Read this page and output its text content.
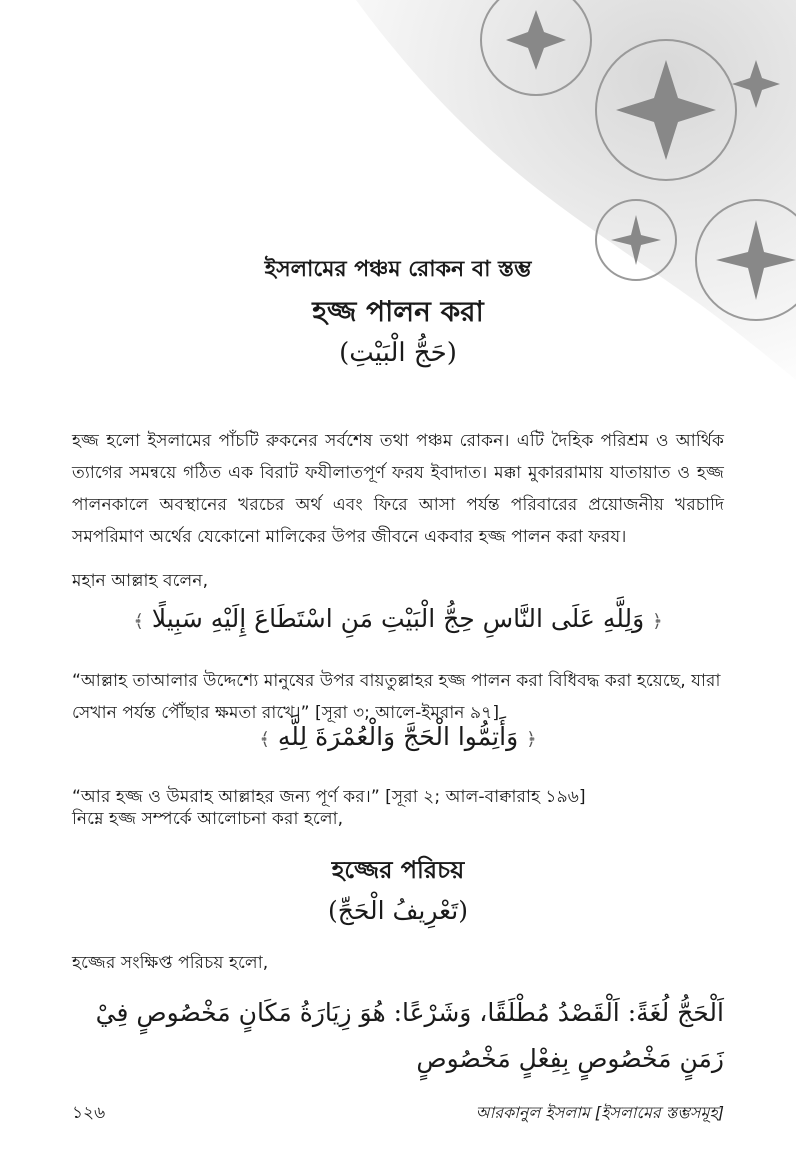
ইসলামের পঞ্চম রোকন বা স্তম্ভ
হজ্জ পালন করা
(حَجُّ الْبَيْتِ)

হজ্জ হলো ইসলামের পাঁচটি রুকনের সর্বশেষ তথা পঞ্চম রোকন। এটি দৈহিক পরিশ্রম ও আর্থিক ত্যাগের সমন্বয়ে গঠিত এক বিরাট ফযীলাতপূর্ণ ফরয ইবাদাত। মক্কা মুকাররামায় যাতায়াত ও হজ্জ পালনকালে অবস্থানের খরচের অর্থ এবং ফিরে আসা পর্যন্ত পরিবারের প্রয়োজনীয় খরচাদি সমপরিমাণ অর্থের যেকোনো মালিকের উপর জীবনে একবার হজ্জ পালন করা ফরয।

মহান আল্লাহ বলেন,
﴿ وَلِلَّهِ عَلَى النَّاسِ حِجُّ الْبَيْتِ مَنِ اسْتَطَاعَ إِلَيْهِ سَبِيلًا ﴾

“আল্লাহ তাআলার উদ্দেশ্যে মানুষের উপর বায়তুল্লাহর হজ্জ পালন করা বিধিবদ্ধ করা হয়েছে, যারা সেখান পর্যন্ত পৌঁছার ক্ষমতা রাখে।” [সূরা ৩; আলে-ইমরান ৯৭]

﴿ وَأَتِمُّوا الْحَجَّ وَالْعُمْرَةَ لِلَّهِ ﴾

“আর হজ্জ ও উমরাহ আল্লাহর জন্য পূর্ণ কর।” [সূরা ২; আল-বাক্বারাহ ১৯৬]

নিম্নে হজ্জ সম্পর্কে আলোচনা করা হলো,
হজ্জের পরিচয়
(تَعْرِيفُ الْحَجِّ)
হজ্জের সংক্ষিপ্ত পরিচয় হলো,
اَلْحَجُّ لُغَةً: اَلْقَصْدُ مُطْلَقًا، وَشَرْعًا: هُوَ زِيَارَةُ مَكَانٍ مَخْصُوصٍ فِيْ زَمَنٍ مَخْصُوصٍ بِفِعْلٍ مَخْصُوصٍ
১২৬	আরকানুল ইসলাম [ইসলামের স্তম্ভসমূহ]
